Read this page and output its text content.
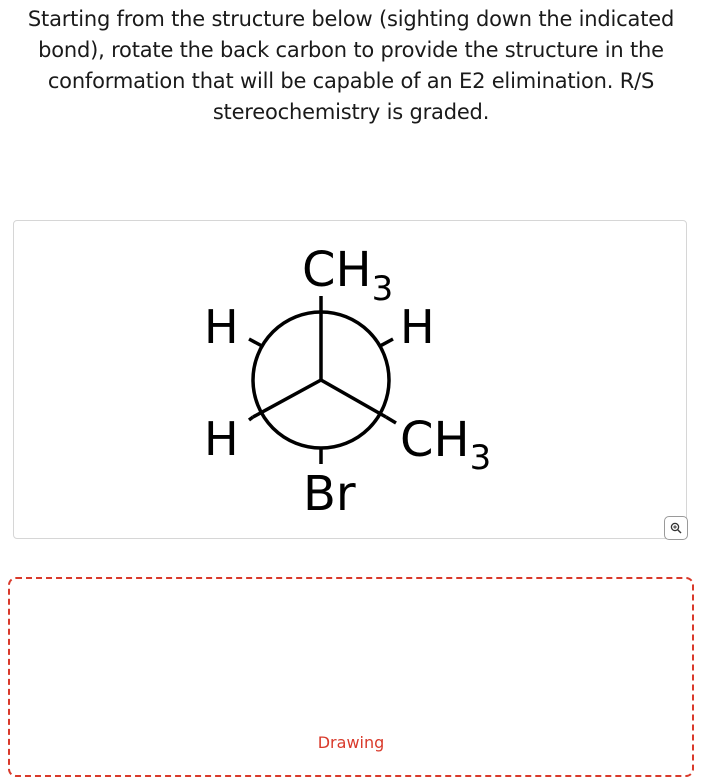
Starting from the structure below (sighting down the indicated
bond), rotate the back carbon to provide the structure in the
conformation that will be capable of an E2 elimination. R/S
stereochemistry is graded.
$CH_3$
H	H
H	$CH_3$
Br
Drawing
